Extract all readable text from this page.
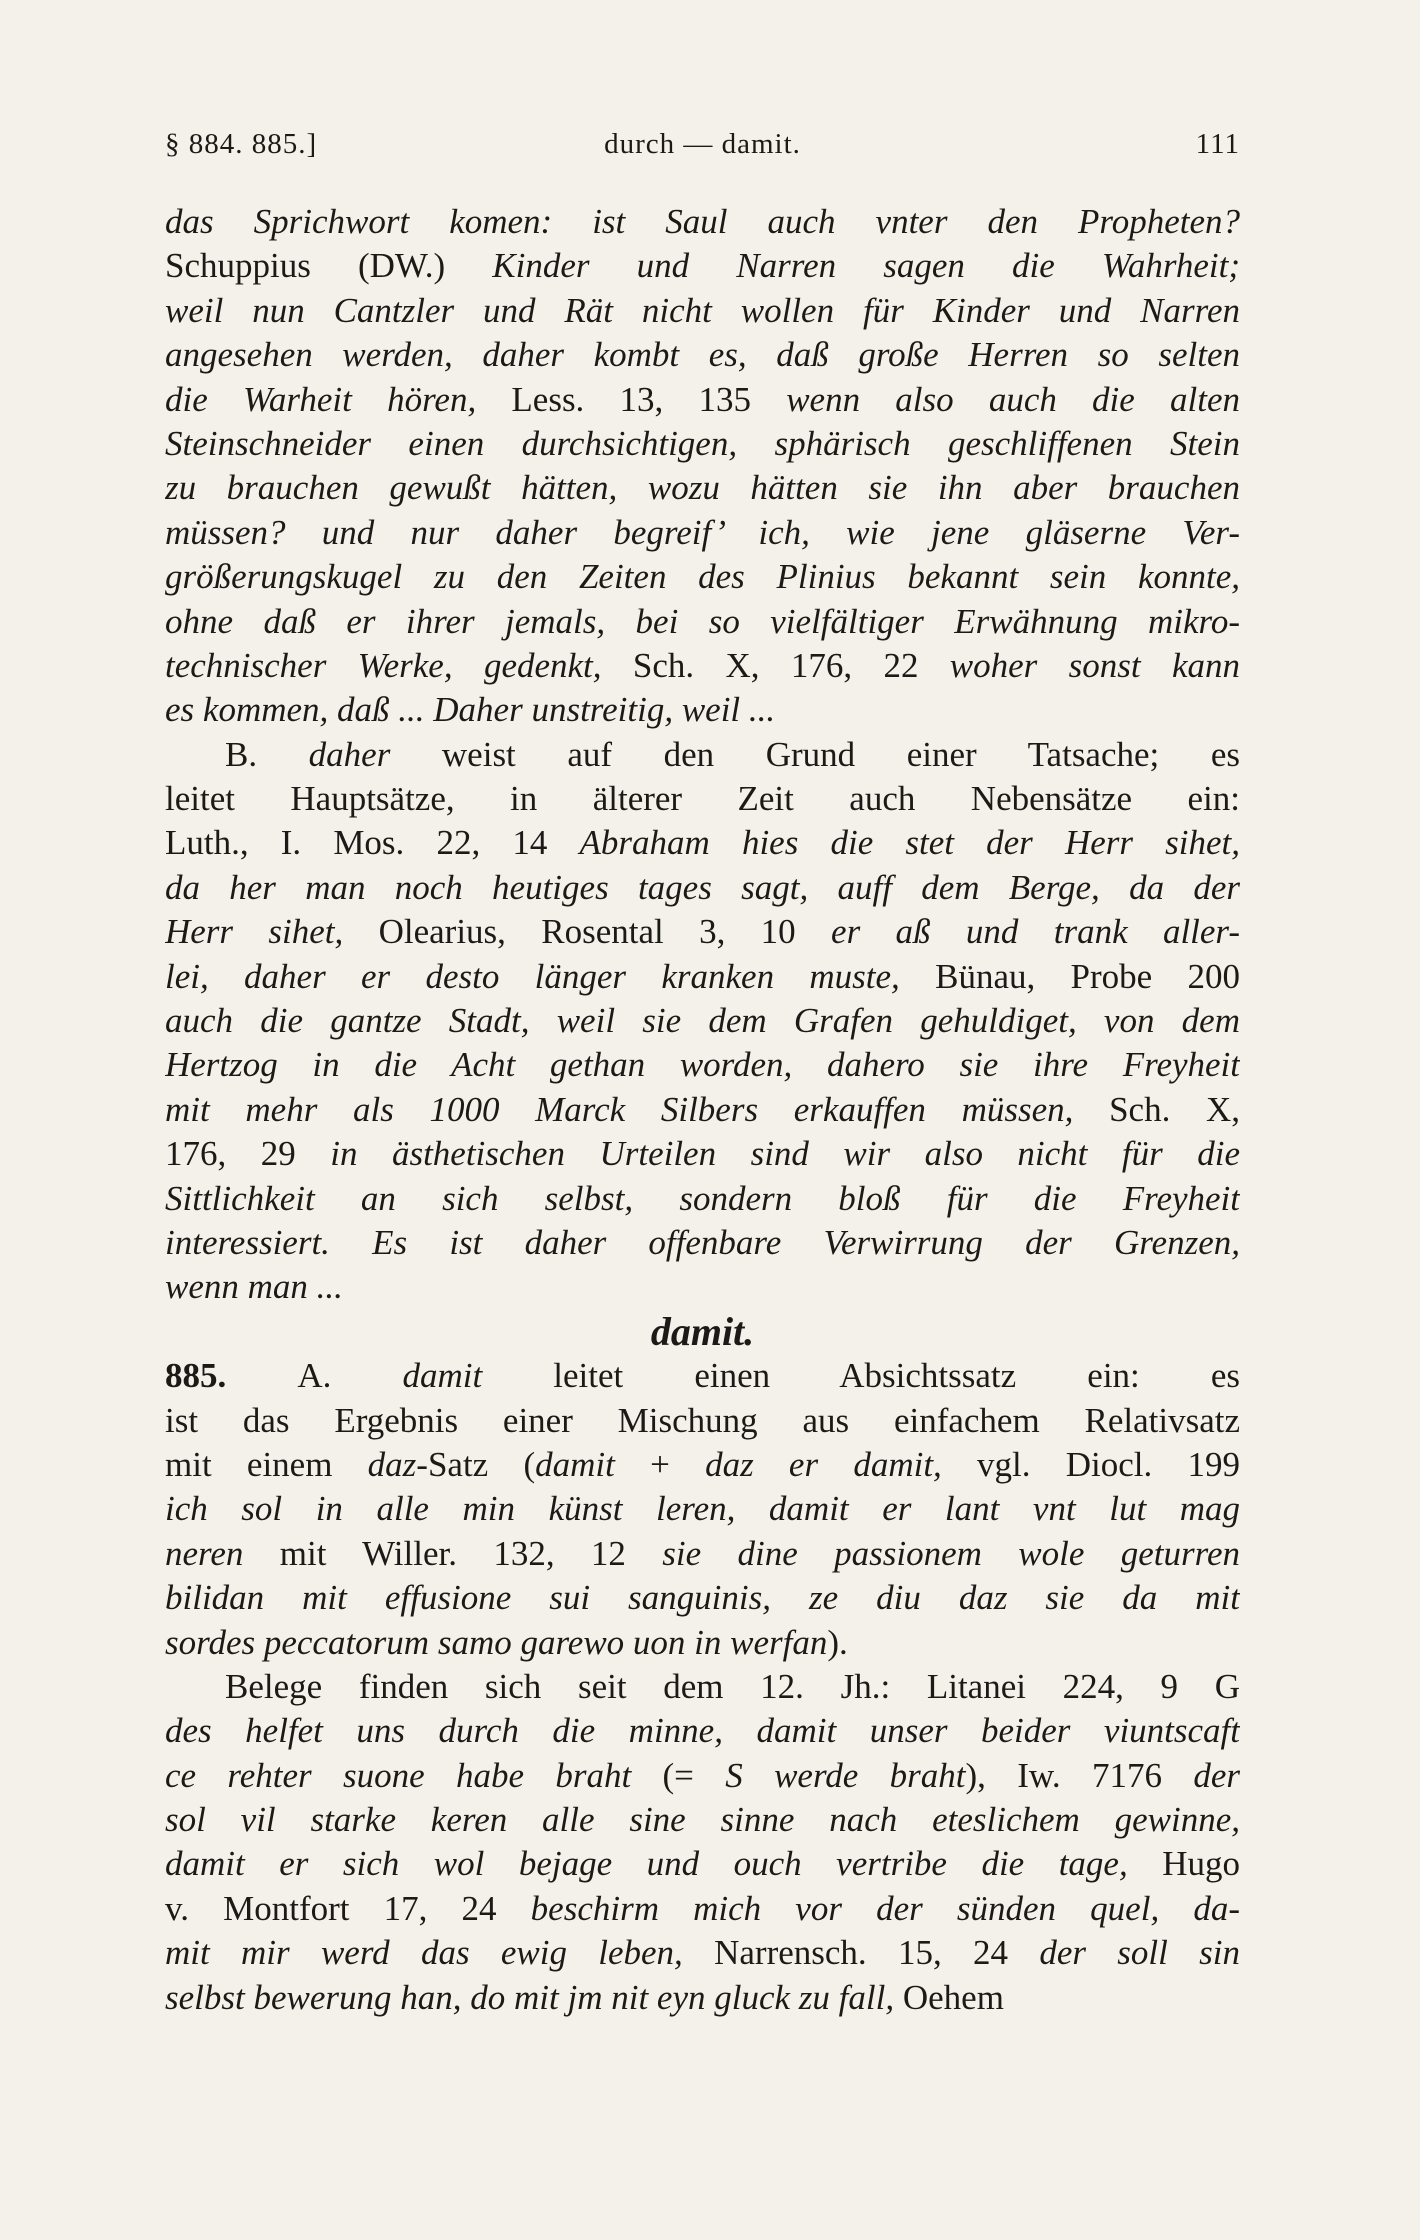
§ 884. 885.]	durch — damit.	111
das Sprichwort komen: ist Saul auch vnter den Propheten?
Schuppius (DW.) Kinder und Narren sagen die Wahrheit;
weil nun Cantzler und Rät nicht wollen für Kinder und Narren
angesehen werden, daher kombt es, daß große Herren so selten
die Warheit hören, Less. 13, 135 wenn also auch die alten
Steinschneider einen durchsichtigen, sphärisch geschliffenen Stein
zu brauchen gewußt hätten, wozu hätten sie ihn aber brauchen
müssen? und nur daher begreif’ ich, wie jene gläserne Ver-
größerungskugel zu den Zeiten des Plinius bekannt sein konnte,
ohne daß er ihrer jemals, bei so vielfältiger Erwähnung mikro-
technischer Werke, gedenkt, Sch. X, 176, 22 woher sonst kann
es kommen, daß ... Daher unstreitig, weil ...
B. daher weist auf den Grund einer Tatsache; es
leitet Hauptsätze, in älterer Zeit auch Nebensätze ein:
Luth., I. Mos. 22, 14 Abraham hies die stet der Herr sihet,
da her man noch heutiges tages sagt, auff dem Berge, da der
Herr sihet, Olearius, Rosental 3, 10 er aß und trank aller-
lei, daher er desto länger kranken muste, Bünau, Probe 200
auch die gantze Stadt, weil sie dem Grafen gehuldiget, von dem
Hertzog in die Acht gethan worden, dahero sie ihre Freyheit
mit mehr als 1000 Marck Silbers erkauffen müssen, Sch. X,
176, 29 in ästhetischen Urteilen sind wir also nicht für die
Sittlichkeit an sich selbst, sondern bloß für die Freyheit
interessiert. Es ist daher offenbare Verwirrung der Grenzen,
wenn man ...
damit.
885. A. damit leitet einen Absichtssatz ein: es
ist das Ergebnis einer Mischung aus einfachem Relativsatz
mit einem daz-Satz (damit + daz er damit, vgl. Diocl. 199
ich sol in alle min künst leren, damit er lant vnt lut mag
neren mit Willer. 132, 12 sie dine passionem wole geturren
bilidan mit effusione sui sanguinis, ze diu daz sie da mit
sordes peccatorum samo garewo uon in werfan).
Belege finden sich seit dem 12. Jh.: Litanei 224, 9 G
des helfet uns durch die minne, damit unser beider viuntscaft
ce rehter suone habe braht (= S werde braht), Iw. 7176 der
sol vil starke keren alle sine sinne nach eteslichem gewinne,
damit er sich wol bejage und ouch vertribe die tage, Hugo
v. Montfort 17, 24 beschirm mich vor der sünden quel, da-
mit mir werd das ewig leben, Narrensch. 15, 24 der soll sin
selbst bewerung han, do mit jm nit eyn gluck zu fall, Oehem
